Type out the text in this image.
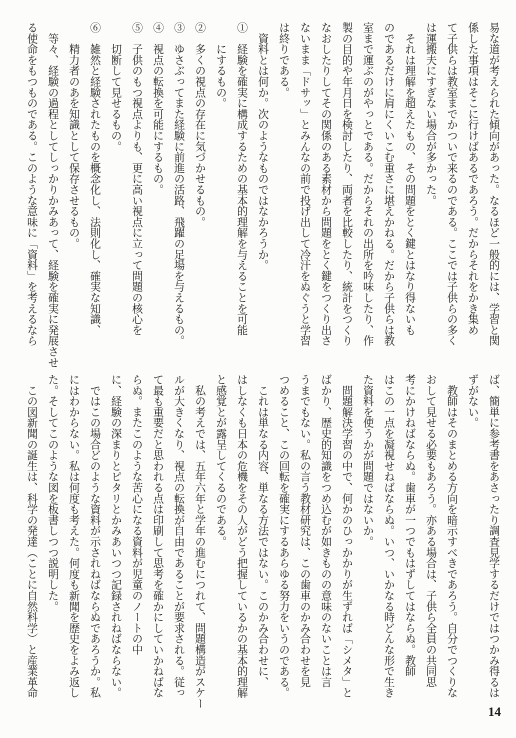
易な道が考えられた傾向があった。なるほど一般的には、学習と関
係した事項はそこに行けばあるであろう。だからそれをかき集め
て子供らは教室までかついで来るのである。ここでは子供らの多く
は運搬夫にすぎない場合が多かった。
　それは理解を超えたもの、その問題をとく鍵とはなり得ないも
のであるだけに肩にくいこむ重さに堪えかねる。だから子供らは教
室まで運ぶのがやっとである。だからそれの出所を吟味したり、作
製の目的や年月日を検討したり、両者を比較したり、統計をつくり
なおしたりしてその関係のある素材から問題をとく鍵をつくり出さ
ないまま「ドサッ」とみんなの前で投げ出して冷汗をぬぐうと学習
は終りである。
　資料とは何か。次のようなものではなかろうか。
①　経験を確実に構成するための基本的理解を与えることを可能
　　にするもの。
②　多くの視点の存在に気づかせるもの。
③　ゆさぶってまた経験に前進の活路、飛躍の足場を与えるもの。
④　視点の転換を可能にするもの。
⑤　子供のもつ視点よりも、更に高い視点に立って問題の核心を
　　切断して見せるもの。
⑥　雑然と経験されたものを概念化し、法則化し、確実な知識、
　　精力者のあを知識として保存させるもの。
　等々、経験の過程としてしっかりかみあって、経験を確実に発展させ
る使命をもつものである。このような意味に「資料」を考えるなら
ば、簡単に参考書をあさったり調査見学するだけではつかみ得るは
ずがない。
　教師はそのまとめる方向を暗示すべきであろう。自分でつくりな
おして見せる必要もあろう。亦ある場合は、子供ら全員の共同思
考にかけねばならぬ。歯車が一つでもはずしてはならぬ。教師
はこの一点を凝視せねばならぬ。いつ、いかなる時どんな形で生き
た資料を使うかが問題ではないか。
　問題解決学習の中で、何かのひっかかりが生ずれば「シメタ」と
ばかり、歴史的知識をつめ込むが如きものの意味のないことは言
うまでもない。私の言う教材研究は、この歯車のかみ合わせを見
つめること、この回転を確実にするあらゆる努力をいうのである。
　これは単なる内容、単なる方法ではない。このかみ合わせに、
はしなくも日本の危機をその人がどう把握しているかの基本的理解
と感覚とが露呈してくるのである。
　私の考えでは、五年六年と学年の進むにつれて、問題構造がスケー
ルが大きくなり、視点の転換が自由であることが要求される。従っ
て最も重要だと思われる点は印刷して思考を確かにしていかねばな
らぬ。またこのような苦心になる資料が児童のノートの中
に、経験の深まりとピタリとかみあいつつ記録されねばならない。
　ではこの場合どのような資料が示されねばならぬであろうか。私
にはわからない。私は何度も考えた。何度も新聞を歴史をよみ返し
た。そしてこのような図を板書しつつ説明した。
　この図新聞の誕生は、科学の発達（ことに自然科学）と産業革命
14
